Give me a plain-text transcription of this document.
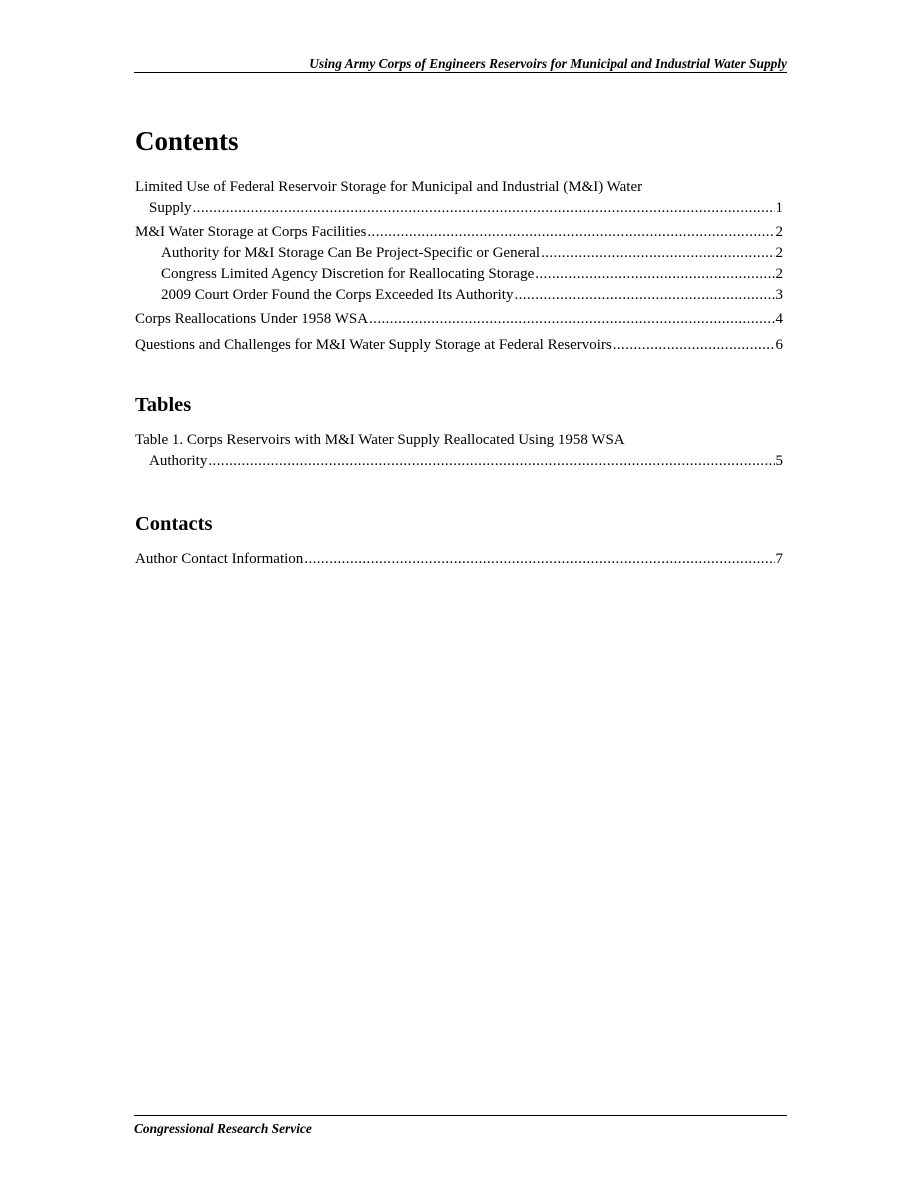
Using Army Corps of Engineers Reservoirs for Municipal and Industrial Water Supply
Contents
Limited Use of Federal Reservoir Storage for Municipal and Industrial (M&I) Water
Supply .....	1
M&I Water Storage at Corps Facilities .....	2
Authority for M&I Storage Can Be Project-Specific or General .....	2
Congress Limited Agency Discretion for Reallocating Storage .....	2
2009 Court Order Found the Corps Exceeded Its Authority .....	3
Corps Reallocations Under 1958 WSA .....	4
Questions and Challenges for M&I Water Supply Storage at Federal Reservoirs .....	6
Tables
Table 1. Corps Reservoirs with M&I Water Supply Reallocated Using 1958 WSA
Authority .....	5
Contacts
Author Contact Information .....	7
Congressional Research Service
